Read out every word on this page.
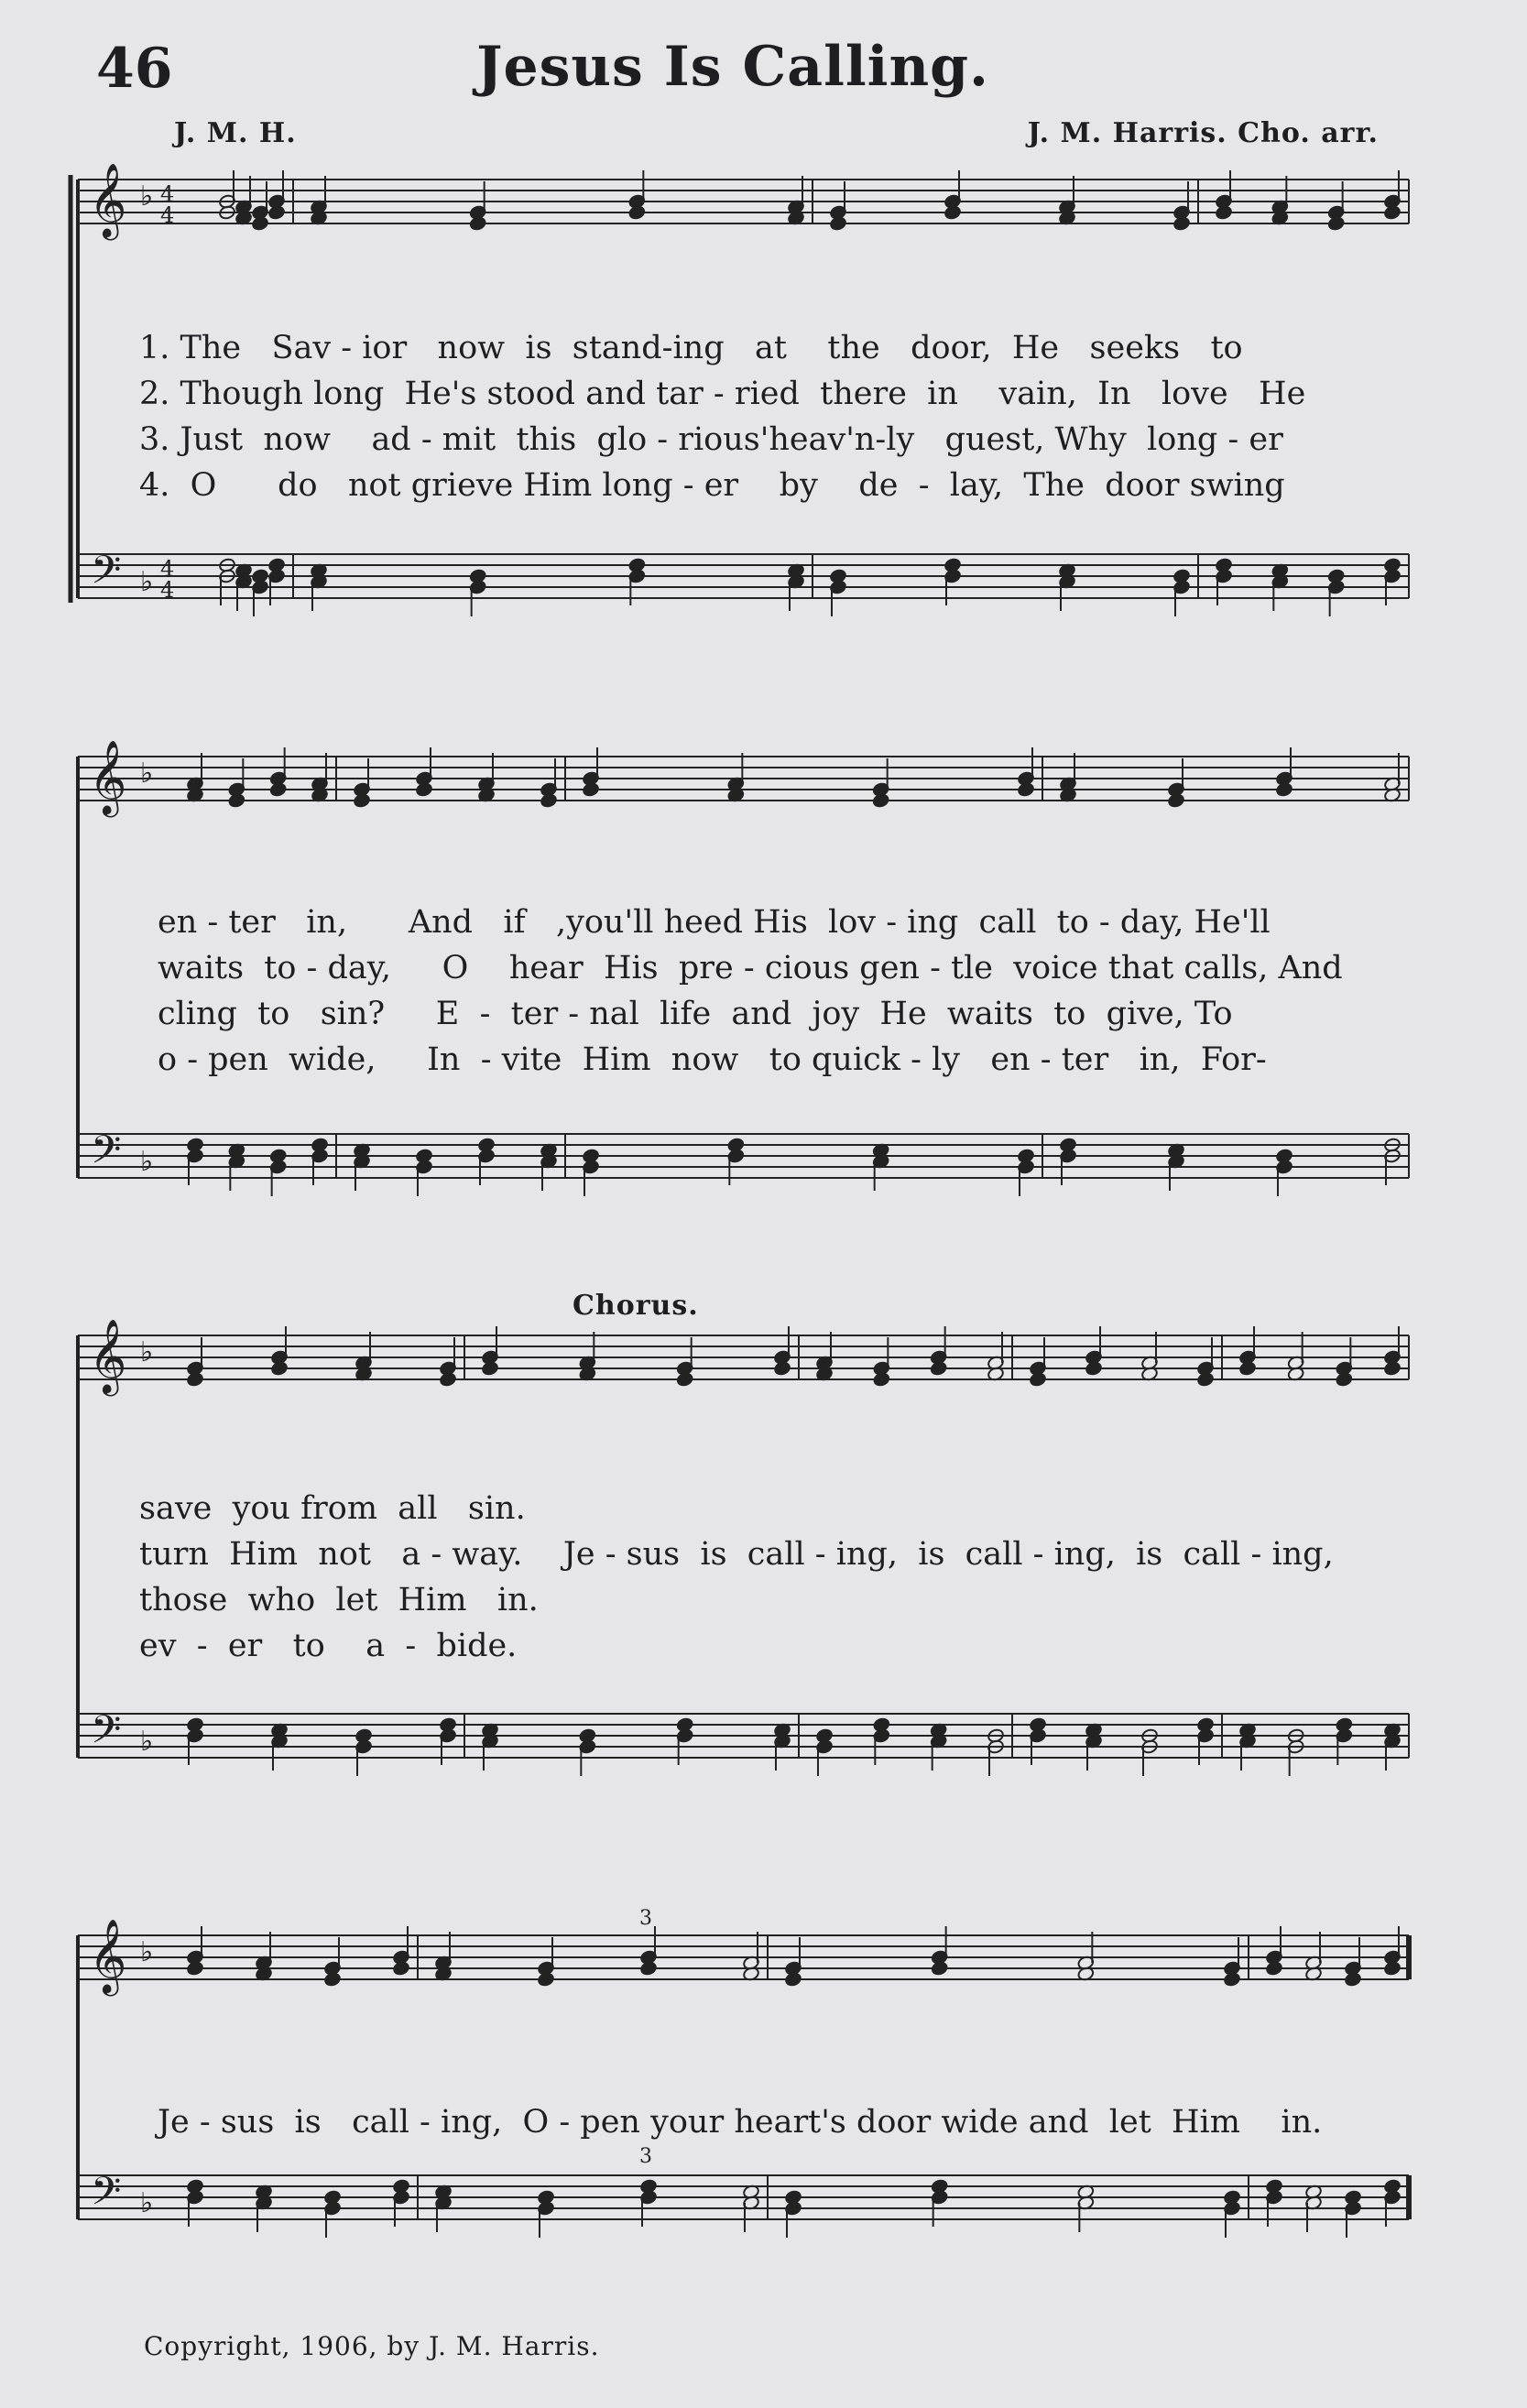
46	Jesus Is Calling.
J. M. H.	J. M. Harris. Cho. arr.
Chorus.
𝄞
𝄢
♭
♭
4
4
4
4
𝄞
𝄢
♭
♭
𝄞
𝄢
♭
♭
𝄞
𝄢
♭
♭
3
3
1. The   Sav - ior   now  is  stand-ing   at    the   door,  He   seeks   to
2. Though long  He's stood and tar - ried  there  in    vain,  In   love   He
3. Just  now    ad - mit  this  glo - rious'heav'n-ly   guest, Why  long - er
4.  O      do   not grieve Him long - er    by    de  -  lay,  The  door swing
en - ter   in,      And   if   ,you'll heed His  lov - ing  call  to - day, He'll
waits  to - day,     O    hear  His  pre - cious gen - tle  voice that calls, And
cling  to   sin?     E  -  ter - nal  life  and  joy  He  waits  to  give, To
o - pen  wide,     In  - vite  Him  now   to quick - ly   en - ter   in,  For-
save  you from  all   sin.
turn  Him  not   a - way.    Je - sus  is  call - ing,  is  call - ing,  is  call - ing,
those  who  let  Him   in.
ev  -  er   to    a  -  bide.
Je - sus  is   call - ing,  O - pen your heart's door wide and  let  Him    in.
Copyright, 1906, by J. M. Harris.
